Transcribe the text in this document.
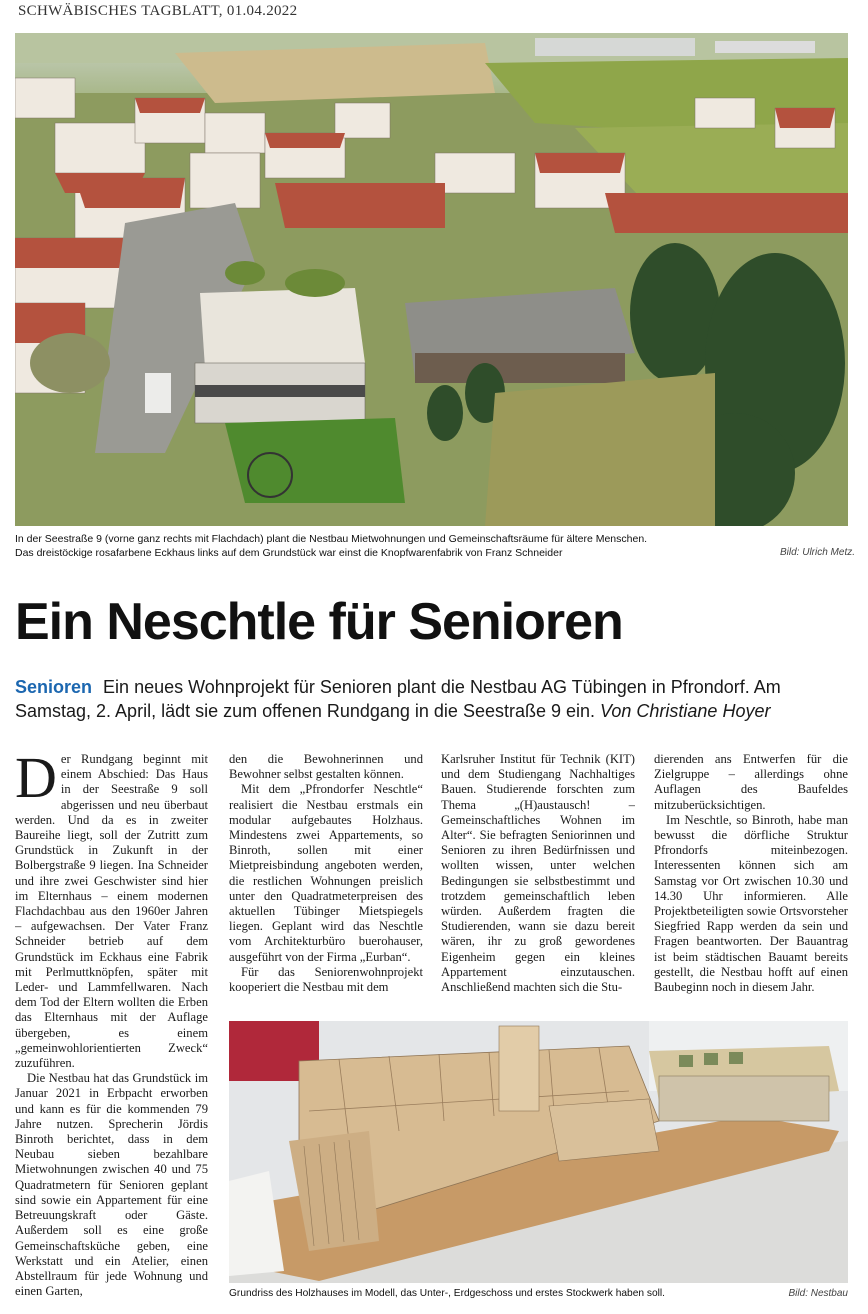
SCHWÄBISCHES TAGBLATT, 01.04.2022
In der Seestraße 9 (vorne ganz rechts mit Flachdach) plant die Nestbau Mietwohnungen und Gemeinschaftsräume für ältere Menschen.
Das dreistöckige rosafarbene Eckhaus links auf dem Grundstück war einst die Knopfwarenfabrik von Franz Schneider	Bild: Ulrich Metz.
Ein Neschtle für Senioren
Senioren Ein neues Wohnprojekt für Senioren plant die Nestbau AG Tübingen in Pfrondorf. Am Samstag, 2. April, lädt sie zum offenen Rundgang in die Seestraße 9 ein. Von Christiane Hoyer
D er Rundgang beginnt mit einem Abschied: Das Haus in der Seestraße 9 soll abgerissen und neu überbaut werden. Und da es in zweiter Baureihe liegt, soll der Zutritt zum Grundstück in Zukunft in der Bolbergstraße 9 liegen. Ina Schneider und ihre zwei Geschwister sind hier im Elternhaus – einem modernen Flachdachbau aus den 1960er Jahren – aufgewachsen. Der Vater Franz Schneider betrieb auf dem Grundstück im Eckhaus eine Fabrik mit Perlmuttknöpfen, später mit Leder- und Lammfellwaren. Nach dem Tod der Eltern wollten die Erben das Elternhaus mit der Auflage übergeben, es einem „gemeinwohlorientierten Zweck“ zuzuführen.

Die Nestbau hat das Grundstück im Januar 2021 in Erbpacht erworben und kann es für die kommenden 79 Jahre nutzen. Sprecherin Jördis Binroth berichtet, dass in dem Neubau sieben bezahlbare Mietwohnungen zwischen 40 und 75 Quadratmetern für Senioren geplant sind sowie ein Appartement für eine Betreuungskraft oder Gäste. Außerdem soll es eine große Gemeinschaftsküche geben, eine Werkstatt und ein Atelier, einen Abstellraum für jede Wohnung und einen Garten,

den die Bewohnerinnen und Bewohner selbst gestalten können.

Mit dem „Pfrondorfer Neschtle“ realisiert die Nestbau erstmals ein modular aufgebautes Holzhaus. Mindestens zwei Appartements, so Binroth, sollen mit einer Mietpreisbindung angeboten werden, die restlichen Wohnungen preislich unter den Quadratmeterpreisen des aktuellen Tübinger Mietspiegels liegen. Geplant wird das Neschtle vom Architekturbüro buerohauser, ausgeführt von der Firma „Eurban“.

Für das Seniorenwohnprojekt kooperiert die Nestbau mit dem

Karlsruher Institut für Technik (KIT) und dem Studiengang Nachhaltiges Bauen. Studierende forschten zum Thema „(H)austausch! – Gemeinschaftliches Wohnen im Alter“. Sie befragten Seniorinnen und Senioren zu ihren Bedürfnissen und wollten wissen, unter welchen Bedingungen sie selbstbestimmt und trotzdem gemeinschaftlich leben würden. Außerdem fragten die Studierenden, wann sie dazu bereit wären, ihr zu groß gewordenes Eigenheim gegen ein kleines Appartement einzutauschen. Anschließend machten sich die Stu-

dierenden ans Entwerfen für die Zielgruppe – allerdings ohne Auflagen des Baufeldes mitzuberücksichtigen.

Im Neschtle, so Binroth, habe man bewusst die dörfliche Struktur Pfrondorfs miteinbezogen. Interessenten können sich am Samstag vor Ort zwischen 10.30 und 14.30 Uhr informieren. Alle Projektbeteiligten sowie Ortsvorsteher Siegfried Rapp werden da sein und Fragen beantworten. Der Bauantrag ist beim städtischen Bauamt bereits gestellt, die Nestbau hofft auf einen Baubeginn noch in diesem Jahr.

Grundriss des Holzhauses im Modell, das Unter-, Erdgeschoss und erstes Stockwerk haben soll.	Bild: Nestbau
